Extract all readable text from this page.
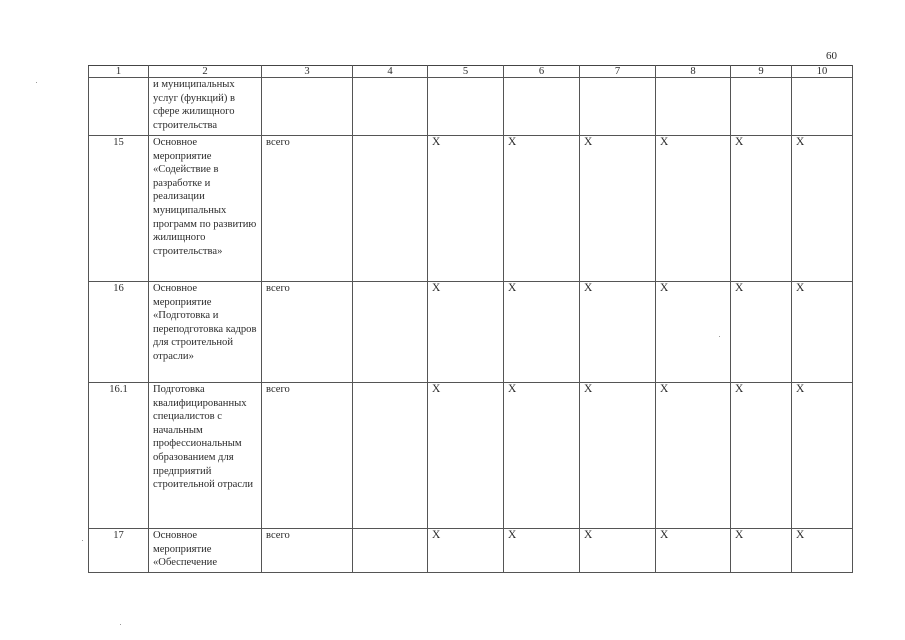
60
1	2	3	4	5	6	7	8	9	10
	и муниципальных услуг (функций) в сфере жилищного строительства								
15	Основное мероприятие «Содействие в разработке и реализации муниципальных программ по развитию жилищного строительства»	всего		Х	Х	Х	Х	Х	Х
16	Основное мероприятие «Подготовка и переподготовка кадров для строительной отрасли»	всего		Х	Х	Х	Х	Х	Х
16.1	Подготовка квалифицированных специалистов с начальным профессиональным образованием для предприятий строительной отрасли	всего		Х	Х	Х	Х	Х	Х
17	Основное мероприятие «Обеспечение	всего		Х	Х	Х	Х	Х	Х
